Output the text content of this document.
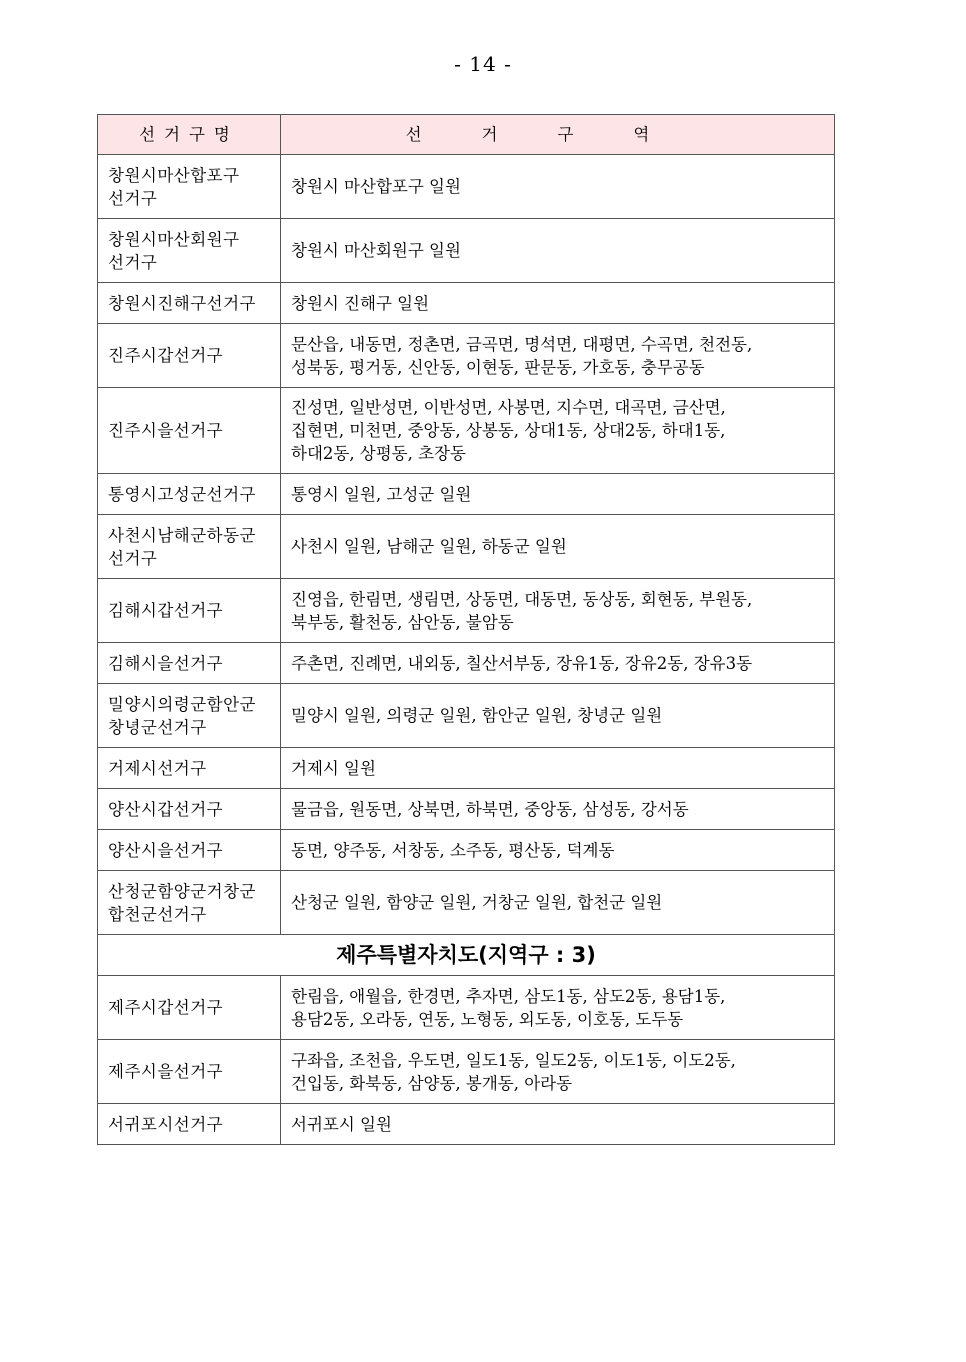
- 14 -
선거구명	선거구역

창원시마산합포구
선거구	창원시 마산합포구 일원

창원시마산회원구
선거구	창원시 마산회원구 일원

창원시진해구선거구	창원시 진해구 일원

진주시갑선거구	문산읍, 내동면, 정촌면, 금곡면, 명석면, 대평면, 수곡면, 천전동,
성북동, 평거동, 신안동, 이현동, 판문동, 가호동, 충무공동

진주시을선거구	진성면, 일반성면, 이반성면, 사봉면, 지수면, 대곡면, 금산면,
집현면, 미천면, 중앙동, 상봉동, 상대1동, 상대2동, 하대1동,
하대2동, 상평동, 초장동

통영시고성군선거구	통영시 일원, 고성군 일원

사천시남해군하동군
선거구	사천시 일원, 남해군 일원, 하동군 일원

김해시갑선거구	진영읍, 한림면, 생림면, 상동면, 대동면, 동상동, 회현동, 부원동,
북부동, 활천동, 삼안동, 불암동

김해시을선거구	주촌면, 진례면, 내외동, 칠산서부동, 장유1동, 장유2동, 장유3동

밀양시의령군함안군
창녕군선거구	밀양시 일원, 의령군 일원, 함안군 일원, 창녕군 일원

거제시선거구	거제시 일원

양산시갑선거구	물금읍, 원동면, 상북면, 하북면, 중앙동, 삼성동, 강서동

양산시을선거구	동면, 양주동, 서창동, 소주동, 평산동, 덕계동

산청군함양군거창군
합천군선거구	산청군 일원, 함양군 일원, 거창군 일원, 합천군 일원

제주특별자치도(지역구 : 3)	

제주시갑선거구	한림읍, 애월읍, 한경면, 추자면, 삼도1동, 삼도2동, 용담1동,
용담2동, 오라동, 연동, 노형동, 외도동, 이호동, 도두동

제주시을선거구	구좌읍, 조천읍, 우도면, 일도1동, 일도2동, 이도1동, 이도2동,
건입동, 화북동, 삼양동, 봉개동, 아라동

서귀포시선거구	서귀포시 일원
